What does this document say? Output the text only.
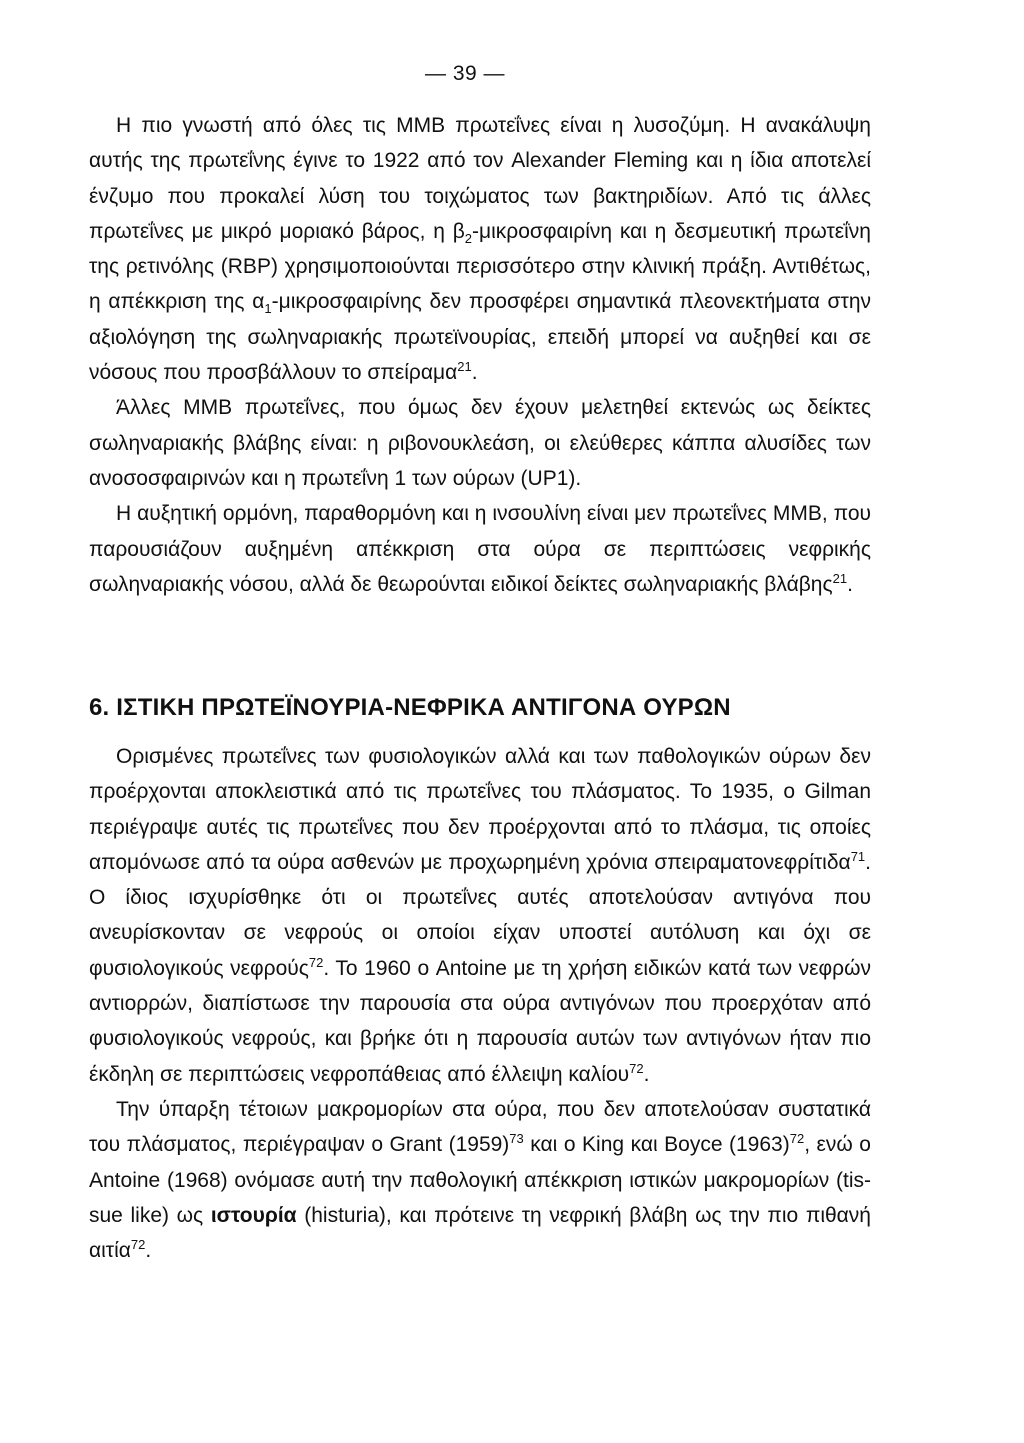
— 39 —

Η πιο γνωστή από όλες τις ΜΜΒ πρωτεΐνες είναι η λυσοζύμη. Η ανακάλυψη αυτής της πρωτεΐνης έγινε το 1922 από τον Alexander Fleming και η ίδια αποτελεί ένζυμο που προκαλεί λύση του τοιχώματος των βακτηριδίων. Από τις άλλες πρωτεΐνες με μικρό μοριακό βάρος, η $\beta_2$-μικροσφαιρίνη και η δεσμευτική πρωτεΐνη της ρετινόλης (RBP) χρησιμοποιούνται περισσότερο στην κλινική πράξη. Αντιθέτως, η απέκκριση της $\alpha_1$-μικροσφαιρίνης δεν προσφέρει σημαντικά πλεονεκτήματα στην αξιολόγηση της σωληναριακής πρωτεϊνουρίας, επειδή μπορεί να αυξηθεί και σε νόσους που προσβάλλουν το σπείραμα$^{21}$.

Άλλες ΜΜΒ πρωτεΐνες, που όμως δεν έχουν μελετηθεί εκτενώς ως δείκτες σωληναριακής βλάβης είναι: η ριβονουκλεάση, οι ελεύθερες κάππα αλυσίδες των ανοσοσφαιρινών και η πρωτεΐνη 1 των ούρων (UP1).

Η αυξητική ορμόνη, παραθορμόνη και η ινσουλίνη είναι μεν πρωτεΐνες ΜΜΒ, που παρουσιάζουν αυξημένη απέκκριση στα ούρα σε περιπτώσεις νεφρικής σωληναριακής νόσου, αλλά δε θεωρούνται ειδικοί δείκτες σωληναριακής βλάβης$^{21}$.

6. ΙΣΤΙΚΗ ΠΡΩΤΕΪΝΟΥΡΙΑ-ΝΕΦΡΙΚΑ ΑΝΤΙΓΟΝΑ ΟΥΡΩΝ

Ορισμένες πρωτεΐνες των φυσιολογικών αλλά και των παθολογικών ούρων δεν προέρχονται αποκλειστικά από τις πρωτεΐνες του πλάσματος. Το 1935, ο Gilman περιέγραψε αυτές τις πρωτεΐνες που δεν προέρχονται από το πλάσμα, τις οποίες απομόνωσε από τα ούρα ασθενών με προχωρημένη χρόνια σπειραματονεφρίτιδα$^{71}$. Ο ίδιος ισχυρίσθηκε ότι οι πρωτεΐνες αυτές αποτελούσαν αντιγόνα που ανευρίσκονταν σε νεφρούς οι οποίοι είχαν υποστεί αυτόλυση και όχι σε φυσιολογικούς νεφρούς$^{72}$. Το 1960 ο Antoine με τη χρήση ειδικών κατά των νεφρών αντιορρών, διαπίστωσε την παρουσία στα ούρα αντιγόνων που προερχόταν από φυσιολογικούς νεφρούς, και βρήκε ότι η παρουσία αυτών των αντιγόνων ήταν πιο έκδηλη σε περιπτώσεις νεφροπάθειας από έλλειψη καλίου$^{72}$.

Την ύπαρξη τέτοιων μακρομορίων στα ούρα, που δεν αποτελούσαν συστατικά του πλάσματος, περιέγραψαν ο Grant $(1959)^{73}$ και ο King και Boyce $(1963)^{72}$, ενώ ο Antoine (1968) ονόμασε αυτή την παθολογική απέκκριση ιστικών μακρομορίων (tis-sue like) ως ιστουρία (histuria), και πρότεινε τη νεφρική βλάβη ως την πιο πιθανή αιτία$^{72}$.
